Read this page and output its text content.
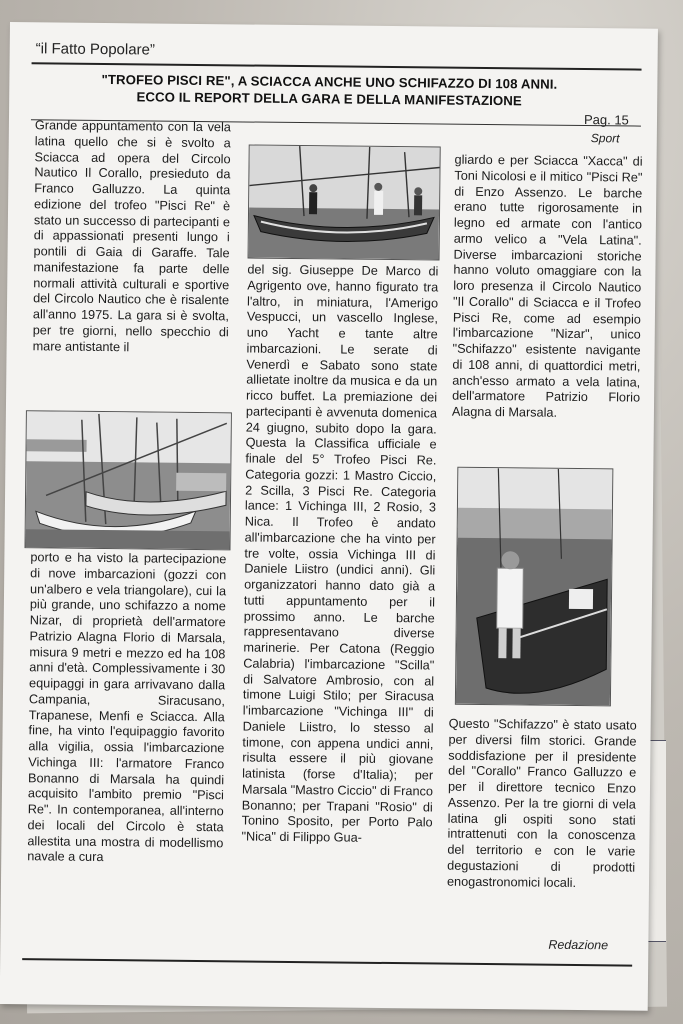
“il Fatto Popolare”
"TROFEO PISCI RE", A SCIACCA ANCHE UNO SCHIFAZZO DI 108 ANNI.
ECCO IL REPORT DELLA GARA E DELLA MANIFESTAZIONE
Pag. 15
Sport

Grande appuntamento con la vela latina quello che si è svolto a Sciacca ad opera del Circolo Nautico Il Corallo, presieduto da Franco Galluzzo. La quinta edizione del trofeo "Pisci Re" è stato un successo di partecipanti e di appassionati presenti lungo i pontili di Gaia di Garaffe. Tale manifestazione fa parte delle normali attività culturali e sportive del Circolo Nautico che è risalente all'anno 1975. La gara si è svolta, per tre giorni, nello specchio di mare antistante il

porto e ha visto la partecipazione di nove imbarcazioni (gozzi con un'albero e vela triangolare), cui la più grande, uno schifazzo a nome Nizar, di proprietà dell'armatore Patrizio Alagna Florio di Marsala, misura 9 metri e mezzo ed ha 108 anni d'età. Complessivamente i 30 equipaggi in gara arrivavano dalla Campania, Siracusano, Trapanese, Menfi e Sciacca. Alla fine, ha vinto l'equipaggio favorito alla vigilia, ossia l'imbarcazione Vichinga III: l'armatore Franco Bonanno di Marsala ha quindi acquisito l'ambito premio "Pisci Re". In contemporanea, all'interno dei locali del Circolo è stata allestita una mostra di modellismo navale a cura

del sig. Giuseppe De Marco di Agrigento ove, hanno figurato tra l'altro, in miniatura, l'Amerigo Vespucci, un vascello Inglese, uno Yacht e tante altre imbarcazioni. Le serate di Venerdì e Sabato sono state allietate inoltre da musica e da un ricco buffet. La premiazione dei partecipanti è avvenuta domenica 24 giugno, subito dopo la gara. Questa la Classifica ufficiale e finale del 5° Trofeo Pisci Re. Categoria gozzi: 1 Mastro Ciccio, 2 Scilla, 3 Pisci Re. Categoria lance: 1 Vichinga III, 2 Rosio, 3 Nica. Il Trofeo è andato all'imbarcazione che ha vinto per tre volte, ossia Vichinga III di Daniele Liistro (undici anni). Gli organizzatori hanno dato già a tutti appuntamento per il prossimo anno. Le barche rappresentavano diverse marinerie. Per Catona (Reggio Calabria) l'imbarcazione "Scilla" di Salvatore Ambrosio, con al timone Luigi Stilo; per Siracusa l'imbarcazione "Vichinga III" di Daniele Liistro, lo stesso al timone, con appena undici anni, risulta essere il più giovane latinista (forse d'Italia); per Marsala "Mastro Ciccio" di Franco Bonanno; per Trapani "Rosio" di Tonino Sposito, per Porto Palo "Nica" di Filippo Gua-

gliardo e per Sciacca "Xacca" di Toni Nicolosi e il mitico "Pisci Re" di Enzo Assenzo. Le barche erano tutte rigorosamente in legno ed armate con l'antico armo velico a "Vela Latina". Diverse imbarcazioni storiche hanno voluto omaggiare con la loro presenza il Circolo Nautico "Il Corallo" di Sciacca e il Trofeo Pisci Re, come ad esempio l'imbarcazione "Nizar", unico "Schifazzo" esistente navigante di 108 anni, di quattordici metri, anch'esso armato a vela latina, dell'armatore Patrizio Florio Alagna di Marsala.

Questo "Schifazzo" è stato usato per diversi film storici. Grande soddisfazione per il presidente del "Corallo" Franco Galluzzo e per il direttore tecnico Enzo Assenzo. Per la tre giorni di vela latina gli ospiti sono stati intrattenuti con la conoscenza del territorio e con le varie degustazioni di prodotti enogastronomici locali.

Redazione
